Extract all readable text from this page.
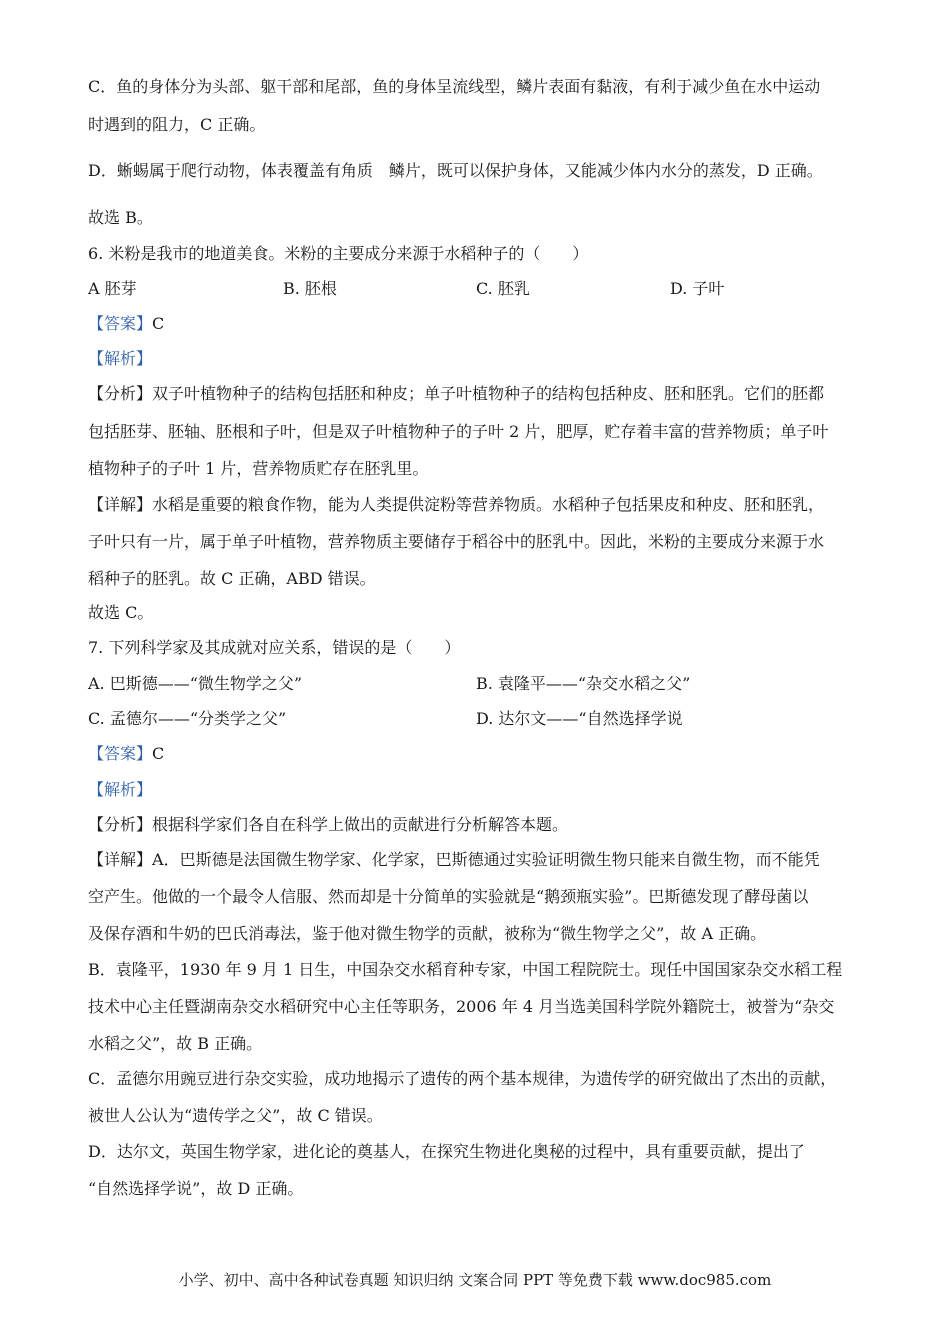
C．鱼的身体分为头部、躯干部和尾部，鱼的身体呈流线型，鳞片表面有黏液，有利于减少鱼在水中运动
时遇到的阻力，C 正确。
D．蜥蜴属于爬行动物，体表覆盖有角质　鳞片，既可以保护身体，又能减少体内水分的蒸发，D 正确。
故选 B。
6. 米粉是我市的地道美食。米粉的主要成分来源于水稻种子的（　　）
A 胚芽	B. 胚根	C. 胚乳	D. 子叶
【答案】C
【解析】
【分析】双子叶植物种子的结构包括胚和种皮；单子叶植物种子的结构包括种皮、胚和胚乳。它们的胚都
包括胚芽、胚轴、胚根和子叶，但是双子叶植物种子的子叶 2 片，肥厚，贮存着丰富的营养物质；单子叶
植物种子的子叶 1 片，营养物质贮存在胚乳里。
【详解】水稻是重要的粮食作物，能为人类提供淀粉等营养物质。水稻种子包括果皮和种皮、胚和胚乳，
子叶只有一片，属于单子叶植物，营养物质主要储存于稻谷中的胚乳中。因此，米粉的主要成分来源于水
稻种子的胚乳。故 C 正确，ABD 错误。
故选 C。
7. 下列科学家及其成就对应关系，错误的是（　　）
A. 巴斯德——“微生物学之父”	B. 袁隆平——“杂交水稻之父”
C. 孟德尔——“分类学之父”	D. 达尔文——“自然选择学说
【答案】C
【解析】
【分析】根据科学家们各自在科学上做出的贡献进行分析解答本题。
【详解】A．巴斯德是法国微生物学家、化学家，巴斯德通过实验证明微生物只能来自微生物，而不能凭
空产生。他做的一个最令人信服、然而却是十分简单的实验就是“鹅颈瓶实验”。巴斯德发现了酵母菌以
及保存酒和牛奶的巴氏消毒法，鉴于他对微生物学的贡献，被称为“微生物学之父”，故 A 正确。
B．袁隆平，1930 年 9 月 1 日生，中国杂交水稻育种专家，中国工程院院士。现任中国国家杂交水稻工程
技术中心主任暨湖南杂交水稻研究中心主任等职务，2006 年 4 月当选美国科学院外籍院士，被誉为“杂交
水稻之父”，故 B 正确。
C．孟德尔用豌豆进行杂交实验，成功地揭示了遗传的两个基本规律，为遗传学的研究做出了杰出的贡献，
被世人公认为“遗传学之父”，故 C 错误。
D．达尔文，英国生物学家，进化论的奠基人，在探究生物进化奥秘的过程中，具有重要贡献，提出了
“自然选择学说”，故 D 正确。
小学、初中、高中各种试卷真题 知识归纳 文案合同 PPT 等免费下载 www.doc985.com
